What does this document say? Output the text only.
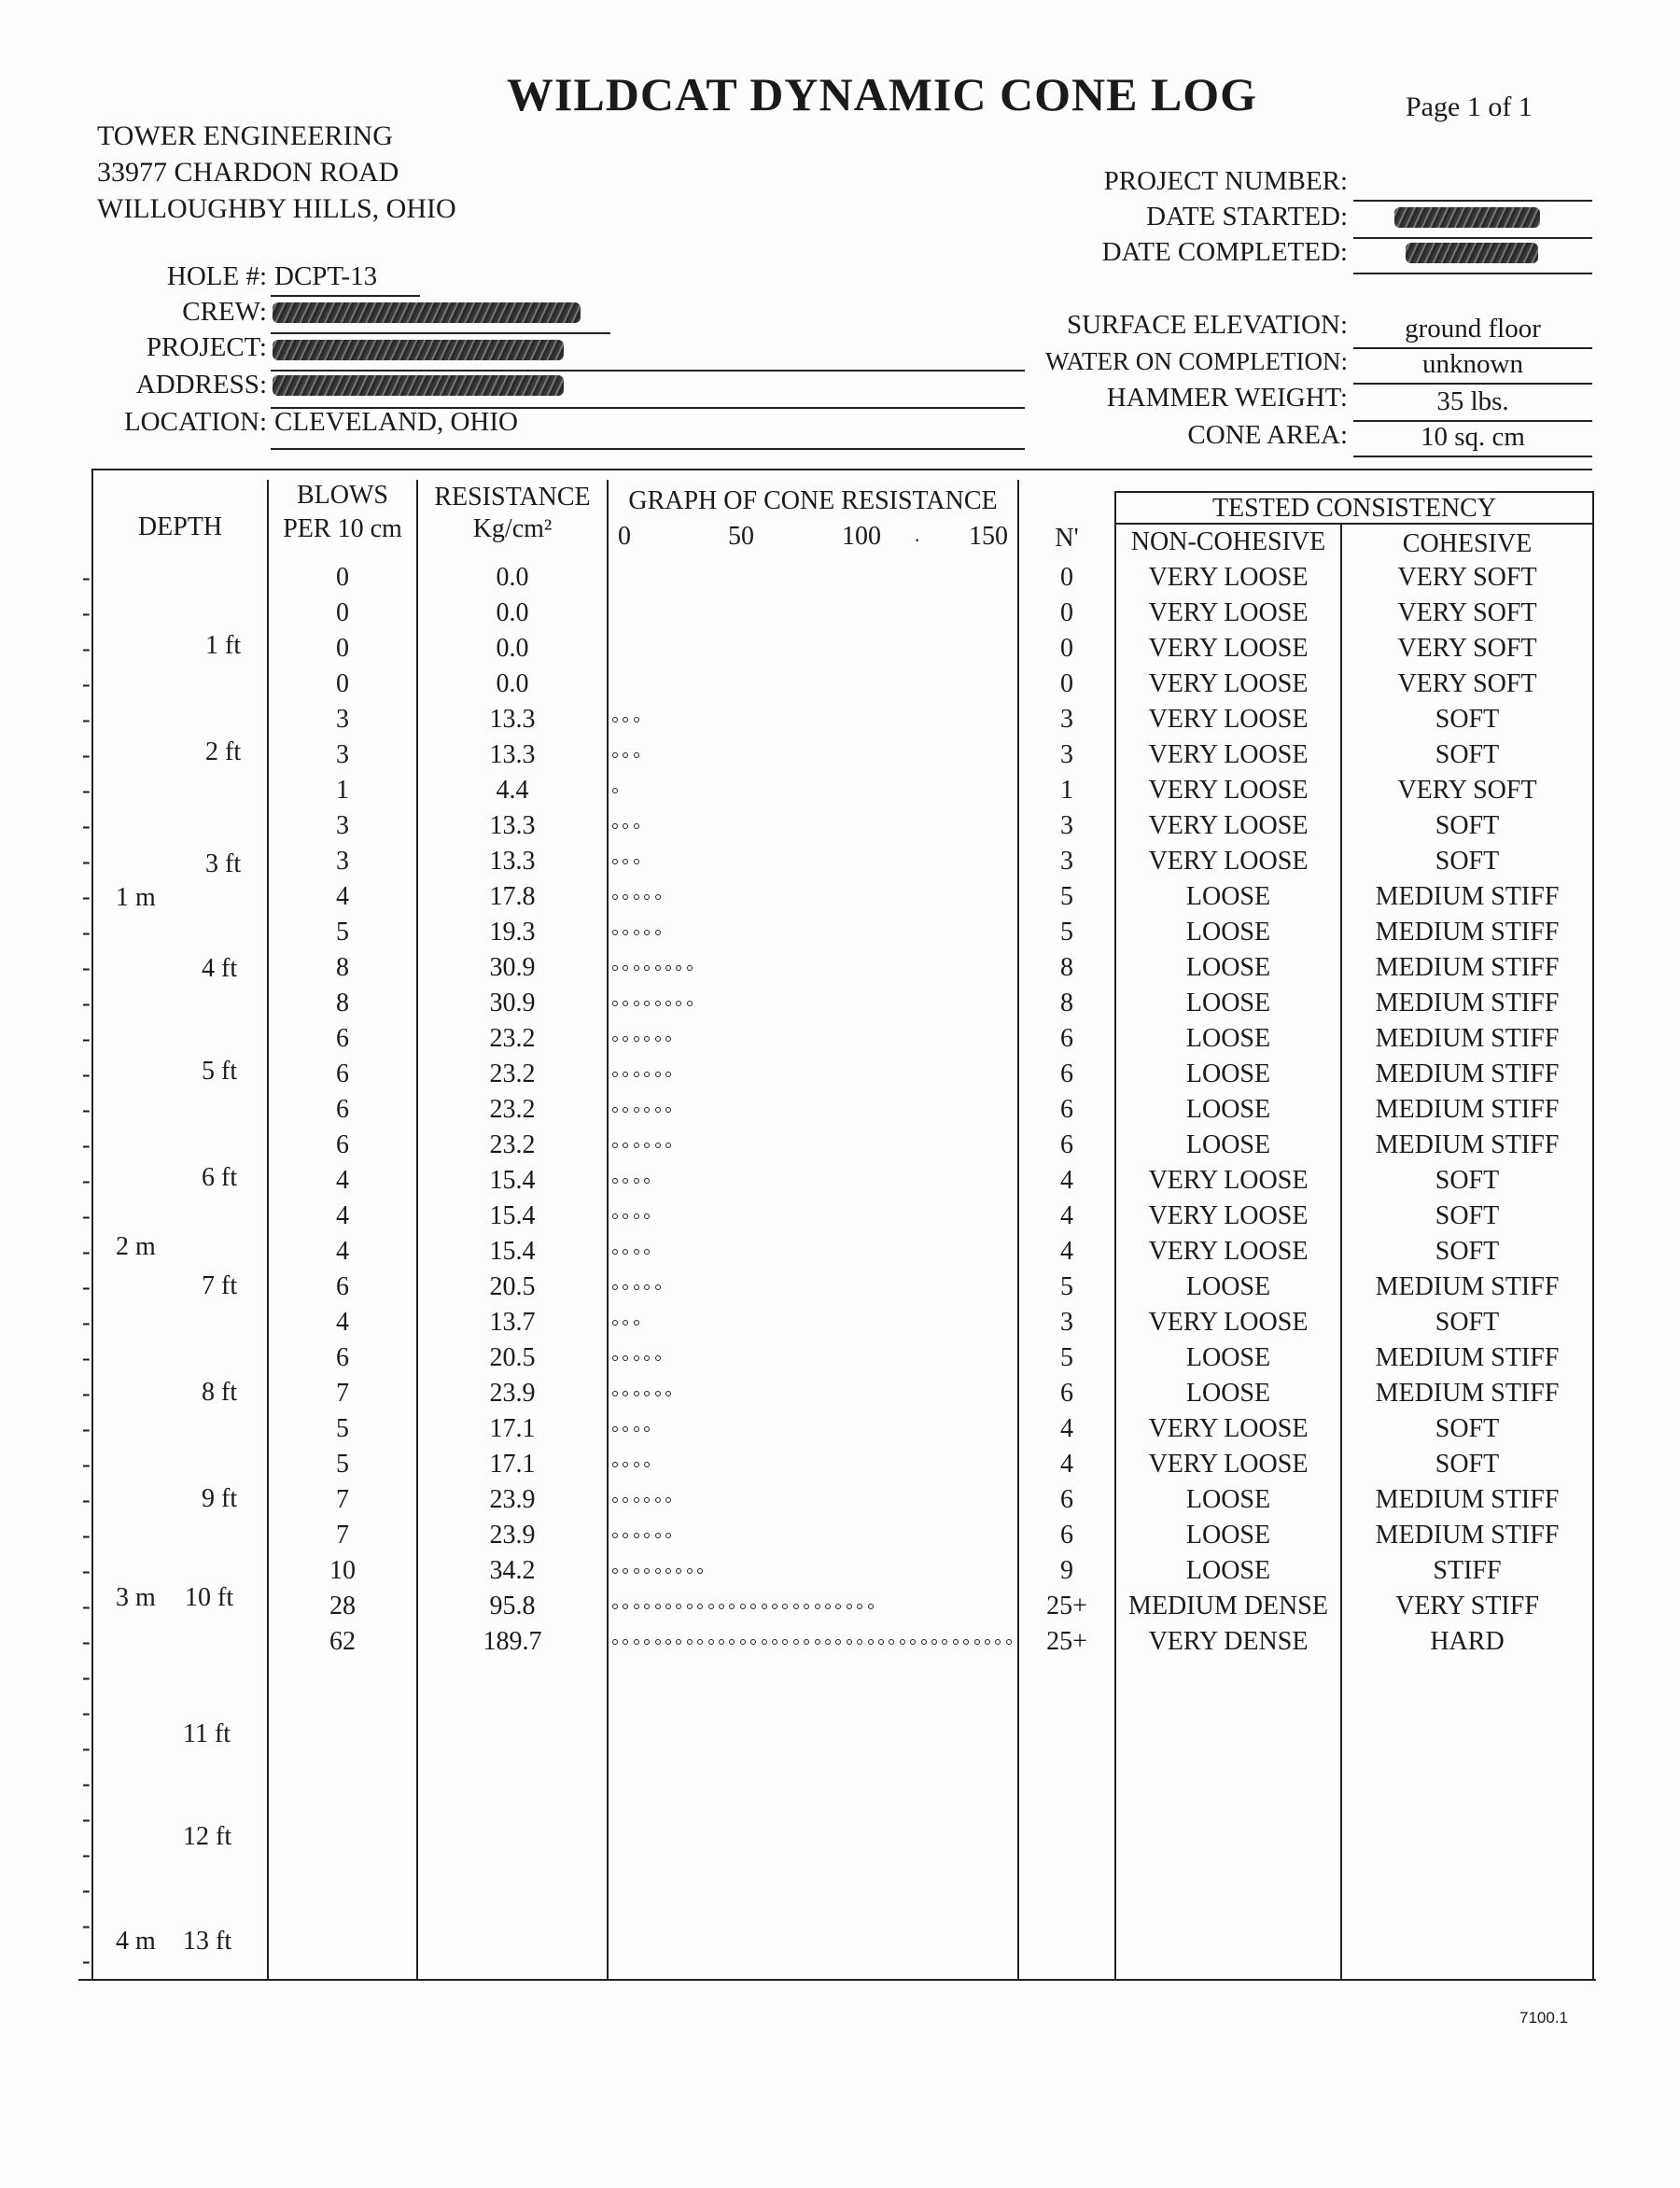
WILDCAT DYNAMIC CONE LOG	Page 1 of 1
TOWER ENGINEERING
33977 CHARDON ROAD
WILLOUGHBY HILLS, OHIO
HOLE #: DCPT-13
CREW:
PROJECT:
ADDRESS:
LOCATION: CLEVELAND, OHIO
PROJECT NUMBER:
DATE STARTED:
DATE COMPLETED:
SURFACE ELEVATION:	ground floor
WATER ON COMPLETION:	unknown
HAMMER WEIGHT:	35 lbs.
CONE AREA:	10 sq. cm
DEPTH
BLOWS
PER 10 cm
RESISTANCE
Kg/cm²
GRAPH OF CONE RESISTANCE
0	50	100 . 150	N'
TESTED CONSISTENCY
NON-COHESIVE	COHESIVE
-
-
-
-
-
-
-
-
-
-
-
-
-
-
-
-
-
-
-
-
-
-
-
-
-
-
-
-
-
-
-
-
-
-
-
-
-
-
-
-
1 ft
2 ft
3 ft
1 m
4 ft
5 ft
6 ft
2 m
7 ft
8 ft
9 ft
3 m 10 ft
11 ft
12 ft
4 m 13 ft
0	0.0	0	VERY LOOSE	VERY SOFT
0	0.0	0	VERY LOOSE	VERY SOFT
0	0.0	0	VERY LOOSE	VERY SOFT
0	0.0	0	VERY LOOSE	VERY SOFT
3	13.3	3	VERY LOOSE	SOFT
3	13.3	3	VERY LOOSE	SOFT
1	4.4	1	VERY LOOSE	VERY SOFT
3	13.3	3	VERY LOOSE	SOFT
3	13.3	3	VERY LOOSE	SOFT
4	17.8	5	LOOSE	MEDIUM STIFF
5	19.3	5	LOOSE	MEDIUM STIFF
8	30.9	8	LOOSE	MEDIUM STIFF
8	30.9	8	LOOSE	MEDIUM STIFF
6	23.2	6	LOOSE	MEDIUM STIFF
6	23.2	6	LOOSE	MEDIUM STIFF
6	23.2	6	LOOSE	MEDIUM STIFF
6	23.2	6	LOOSE	MEDIUM STIFF
4	15.4	4	VERY LOOSE	SOFT
4	15.4	4	VERY LOOSE	SOFT
4	15.4	4	VERY LOOSE	SOFT
6	20.5	5	LOOSE	MEDIUM STIFF
4	13.7	3	VERY LOOSE	SOFT
6	20.5	5	LOOSE	MEDIUM STIFF
7	23.9	6	LOOSE	MEDIUM STIFF
5	17.1	4	VERY LOOSE	SOFT
5	17.1	4	VERY LOOSE	SOFT
7	23.9	6	LOOSE	MEDIUM STIFF
7	23.9	6	LOOSE	MEDIUM STIFF
10	34.2	9	LOOSE	STIFF
28	95.8	25+	MEDIUM DENSE	VERY STIFF
62	189.7	25+	VERY DENSE	HARD
7100.1
